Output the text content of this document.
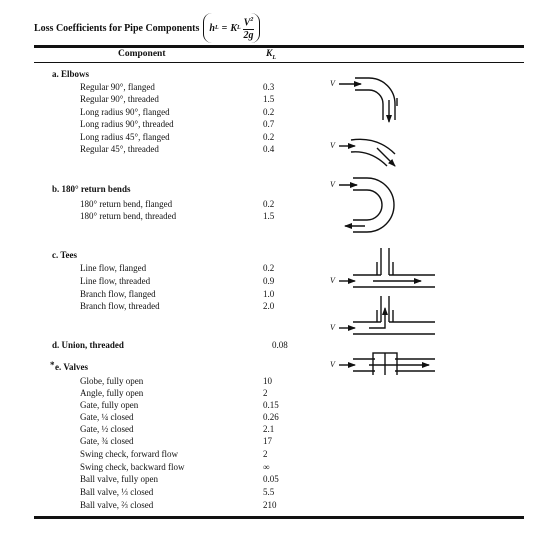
Loss Coefficients for Pipe Components h L = K L $\frac{V^2}{2g}$
Component	$K_L$
a. Elbows
Regular 90°, flanged	0.3
Regular 90°, threaded	1.5
Long radius 90°, flanged	0.2
Long radius 90°, threaded	0.7
Long radius 45°, flanged	0.2
Regular 45°, threaded	0.4
b. 180° return bends
180° return bend, flanged	0.2
180° return bend, threaded	1.5
c. Tees
Line flow, flanged	0.2
Line flow, threaded	0.9
Branch flow, flanged	1.0
Branch flow, threaded	2.0
d. Union, threaded	0.08
* e. Valves
Globe, fully open	10
Angle, fully open	2
Gate, fully open	0.15
Gate, ¼ closed	0.26
Gate, ½ closed	2.1
Gate, ¾ closed	17
Swing check, forward flow	2
Swing check, backward flow	∞
Ball valve, fully open	0.05
Ball valve, ⅓ closed	5.5
Ball valve, ⅔ closed	210
V
V
V
V
V
V
